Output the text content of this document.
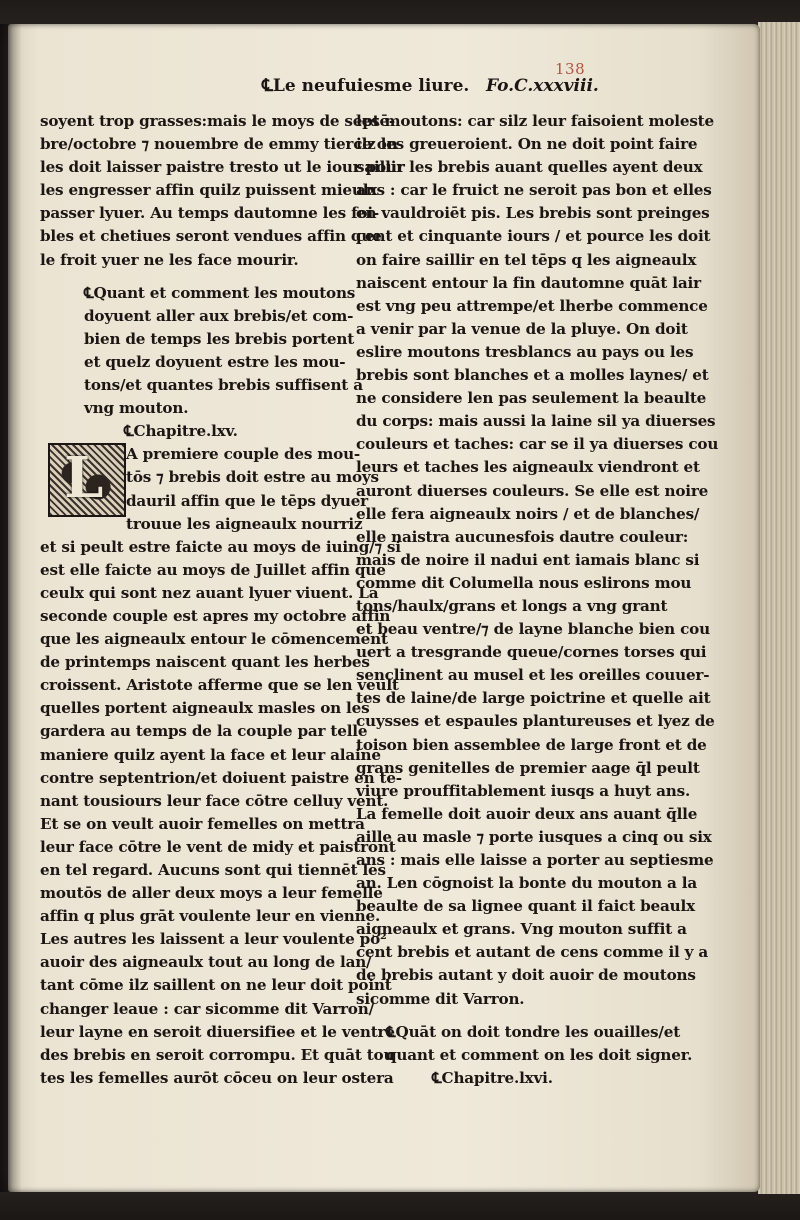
138
℄Le neufuiesme liure. Fo.C.xxxviii.
soyent trop grasses:mais le moys de septē-
bre/octobre ⁊ nouembre de emmy tierce on
les doit laisser paistre tresto ut le iour pour
les engresser affin quilz puissent mieulx
passer lyuer. Au temps dautomne les foi-
bles et chetiues seront vendues affin que
le froit yuer ne les face mourir.
℄Quant et comment les moutons
doyuent aller aux brebis/et com-
bien de temps les brebis portent
et quelz doyuent estre les mou-
tons/et quantes brebis suffisent a
vng mouton.
℄Chapitre.lxv.
L	A premiere couple des mou-
tōs ⁊ brebis doit estre au moys
dauril affin que le tēps dyuer
trouue les aigneaulx nourriz
et si peult estre faicte au moys de iuing/⁊ si
est elle faicte au moys de Juillet affin que
ceulx qui sont nez auant lyuer viuent. La
seconde couple est apres my octobre affin
que les aigneaulx entour le cōmencement
de printemps naiscent quant les herbes
croissent. Aristote afferme que se len veult
quelles portent aigneaulx masles on les
gardera au temps de la couple par telle
maniere quilz ayent la face et leur alaine
contre septentrion/et doiuent paistre en te-
nant tousiours leur face cōtre celluy vent.
Et se on veult auoir femelles on mettra
leur face cōtre le vent de midy et paistront
en tel regard. Aucuns sont qui tiennēt les
moutōs de aller deux moys a leur femelle
affin q plus grāt voulente leur en vienne.
Les autres les laissent a leur voulente po²
auoir des aigneaulx tout au long de lan/
tant cōme ilz saillent on ne leur doit point
changer leaue : car sicomme dit Varron/
leur layne en seroit diuersifiee et le ventre
des brebis en seroit corrompu. Et quāt tou
tes les femelles aurōt cōceu on leur ostera
les moutons: car silz leur faisoient moleste
ilz les greueroient. On ne doit point faire
saillir les brebis auant quelles ayent deux
ans : car le fruict ne seroit pas bon et elles
en vauldroiēt pis. Les brebis sont preinges
cent et cinquante iours / et pource les doit
on faire saillir en tel tēps q les aigneaulx
naiscent entour la fin dautomne quāt lair
est vng peu attrempe/et lherbe commence
a venir par la venue de la pluye. On doit
eslire moutons tresblancs au pays ou les
brebis sont blanches et a molles laynes/ et
ne considere len pas seulement la beaulte
du corps: mais aussi la laine sil ya diuerses
couleurs et taches: car se il ya diuerses cou
leurs et taches les aigneaulx viendront et
auront diuerses couleurs. Se elle est noire
elle fera aigneaulx noirs / et de blanches/
elle naistra aucunesfois dautre couleur:
mais de noire il nadui ent iamais blanc si
comme dit Columella nous eslirons mou
tons/haulx/grans et longs a vng grant
et beau ventre/⁊ de layne blanche bien cou
uert a tresgrande queue/cornes torses qui
senclinent au musel et les oreilles couuer-
tes de laine/de large poictrine et quelle ait
cuysses et espaules plantureuses et lyez de
toison bien assemblee de large front et de
grans genitelles de premier aage q̄l peult
viure prouffitablement iusqs a huyt ans.
La femelle doit auoir deux ans auant q̄lle
aille au masle ⁊ porte iusques a cinq ou six
ans : mais elle laisse a porter au septiesme
an. Len cōgnoist la bonte du mouton a la
beaulte de sa lignee quant il faict beaulx
aigneaulx et grans. Vng mouton suffit a
cent brebis et autant de cens comme il y a
de brebis autant y doit auoir de moutons
sicomme dit Varron.
℄Quāt on doit tondre les ouailles/et
quant et comment on les doit signer.
℄Chapitre.lxvi.
